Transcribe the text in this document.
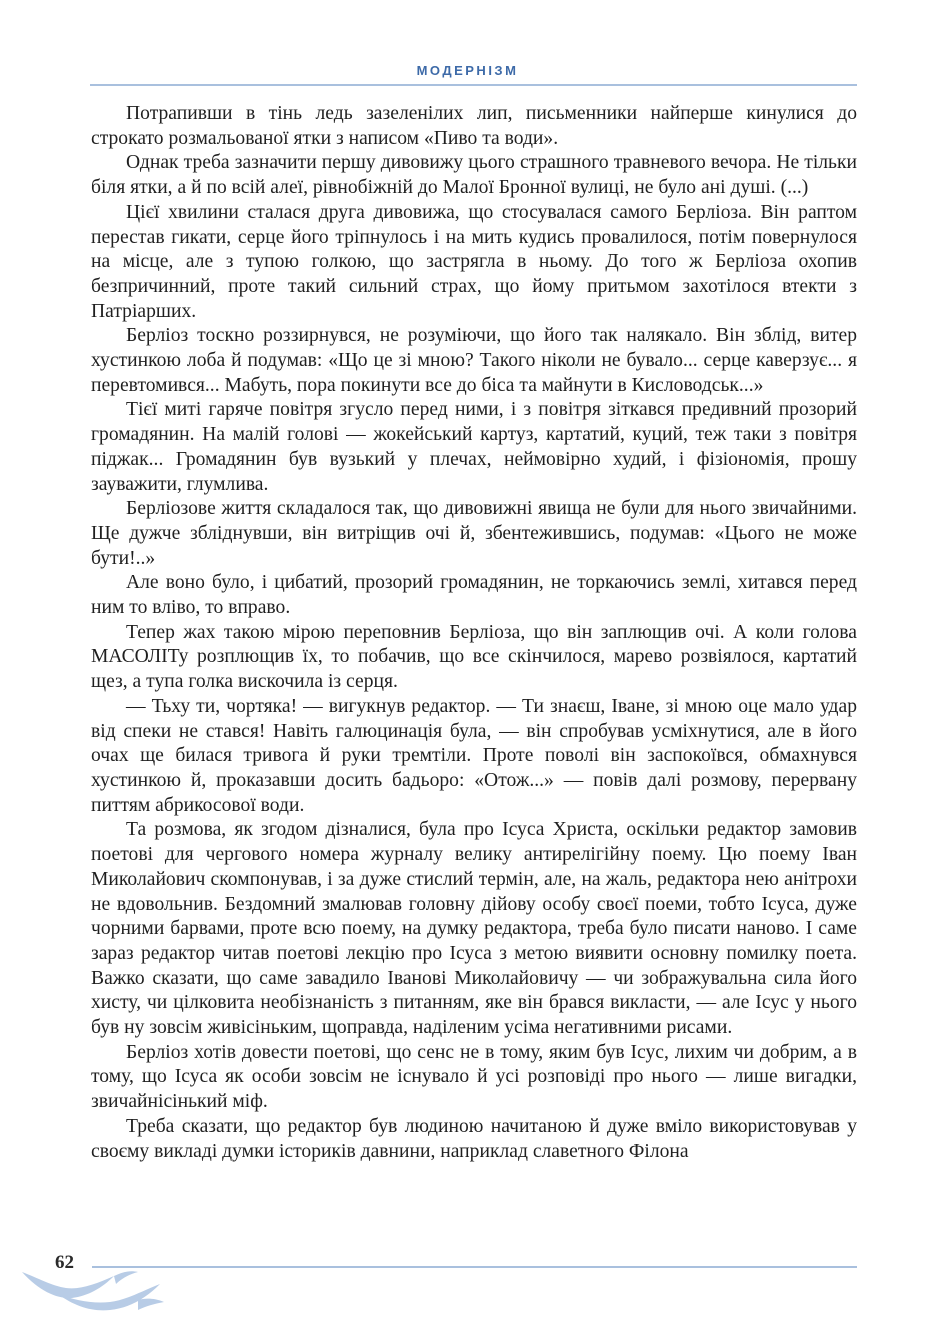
МОДЕРНІЗМ

Потрапивши в тінь ледь зазеленілих лип, письменники найперше кинулися до строкато розмальованої ятки з написом «Пиво та води».

Однак треба зазначити першу дивовижу цього страшного травневого вечора. Не тільки біля ятки, а й по всій алеї, рівнобіжній до Малої Бронної вулиці, не було ані душі. (...)

Цієї хвилини сталася друга дивовижа, що стосувалася самого Берліоза. Він раптом перестав гикати, серце його тріпнулось і на мить кудись провалилося, потім повернулося на місце, але з тупою голкою, що застрягла в ньому. До того ж Берліоза охопив безпричинний, проте такий сильний страх, що йому притьмом захотілося втекти з Патріарших.

Берліоз тоскно роззирнувся, не розуміючи, що його так налякало. Він зблід, витер хустинкою лоба й подумав: «Що це зі мною? Такого ніколи не бувало... серце каверзує... я перевтомився... Мабуть, пора покинути все до біса та майнути в Кисловодськ...»

Тієї миті гаряче повітря згусло перед ними, і з повітря зіткався предивний прозорий громадянин. На малій голові — жокейський картуз, картатий, куций, теж таки з повітря піджак... Громадянин був вузький у плечах, неймовірно худий, і фізіономія, прошу зауважити, глумлива.

Берліозове життя складалося так, що дивовижні явища не були для нього звичайними. Ще дужче зблiднувши, він витріщив очі й, збентежившись, подумав: «Цього не може бути!..»

Але воно було, і цибатий, прозорий громадянин, не торкаючись землі, хитався перед ним то вліво, то вправо.

Тепер жах такою мірою переповнив Берліоза, що він заплющив очі. А коли голова МАСОЛІТу розплющив їх, то побачив, що все скінчилося, марево розвіялося, картатий щез, а тупа голка вискочила із серця.

— Тьху ти, чортяка! — вигукнув редактор. — Ти знаєш, Іване, зі мною оце мало удар від спеки не стався! Навіть галюцинація була, — він спробував усміхнутися, але в його очах ще билася тривога й руки тремтіли. Проте поволі він заспокоївся, обмахнувся хустинкою й, проказавши досить бадьоро: «Отож...» — повів далі розмову, перервану питтям абрикосової води.

Та розмова, як згодом дізналися, була про Ісуса Христа, оскільки редактор замовив поетові для чергового номера журналу велику антирелігійну поему. Цю поему Іван Миколайович скомпонував, і за дуже стислий термін, але, на жаль, редактора нею анітрохи не вдовольнив. Бездомний змалював головну дійову особу своєї поеми, тобто Ісуса, дуже чорними барвами, проте всю поему, на думку редактора, треба було писати наново. І саме зараз редактор читав поетові лекцію про Ісуса з метою виявити основну помилку поета. Важко сказати, що саме завадило Іванові Миколайовичу — чи зображувальна сила його хисту, чи цілковита необізнаність з питанням, яке він брався викласти, — але Ісус у нього був ну зовсім живісіньким, щоправда, наділеним усіма негативними рисами.

Берліоз хотів довести поетові, що сенс не в тому, яким був Ісус, лихим чи добрим, а в тому, що Ісуса як особи зовсім не існувало й усі розповіді про нього — лише вигадки, звичайнісінький міф.

Треба сказати, що редактор був людиною начитаною й дуже вміло використовував у своєму викладі думки істориків давнини, наприклад славетного Філона

62
